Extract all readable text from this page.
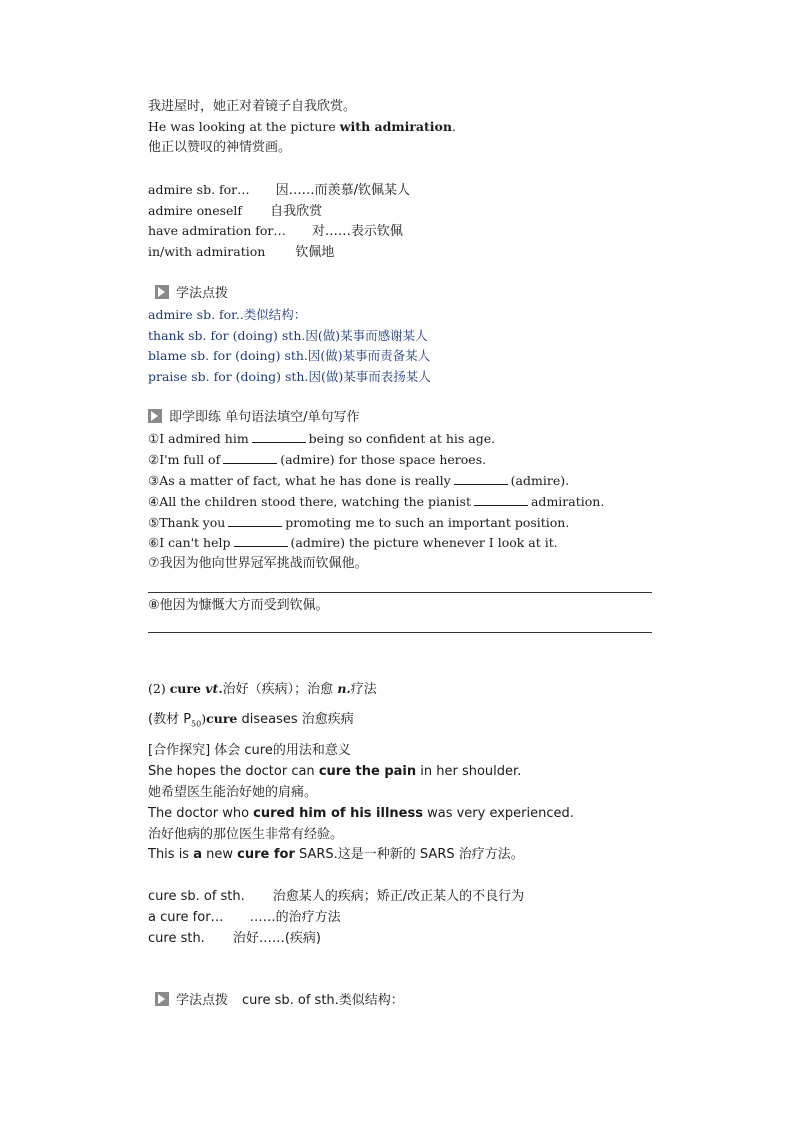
我进屋时，她正对着镜子自我欣赏。
He was looking at the picture with admiration.
他正以赞叹的神情赏画。
admire sb. for… 因……而羡慕/钦佩某人
admire oneself 自我欣赏
have admiration for… 对……表示钦佩
in/with admiration 钦佩地
学法点拨
admire sb. for..类似结构：
thank sb. for (doing) sth.因(做)某事而感谢某人
blame sb. for (doing) sth.因(做)某事而责备某人
praise sb. for (doing) sth.因(做)某事而表扬某人
即学即练 单句语法填空/单句写作
①I admired him	being so confident at his age.
②I'm full of	(admire) for those space heroes.
③As a matter of fact, what he has done is really	(admire).
④All the children stood there, watching the pianist	admiration.
⑤Thank you	promoting me to such an important position.
⑥I can't help	(admire) the picture whenever I look at it.
⑦我因为他向世界冠军挑战而钦佩他。
⑧他因为慷慨大方而受到钦佩。
(2) cure vt.治好（疾病）；治愈 n.疗法
(教材 $P_{50})cure$ diseases 治愈疾病
[合作探究] 体会 cure的用法和意义
She hopes the doctor can cure the pain in her shoulder.
她希望医生能治好她的肩痛。
The doctor who cured him of his illness was very experienced.
治好他病的那位医生非常有经验。
This is a new cure for SARS.这是一种新的 SARS 治疗方法。
cure sb. of sth. 治愈某人的疾病；矫正/改正某人的不良行为
a cure for… ……的治疗方法
cure sth. 治好……(疾病)
学法点拨 cure sb. of sth.类似结构：
